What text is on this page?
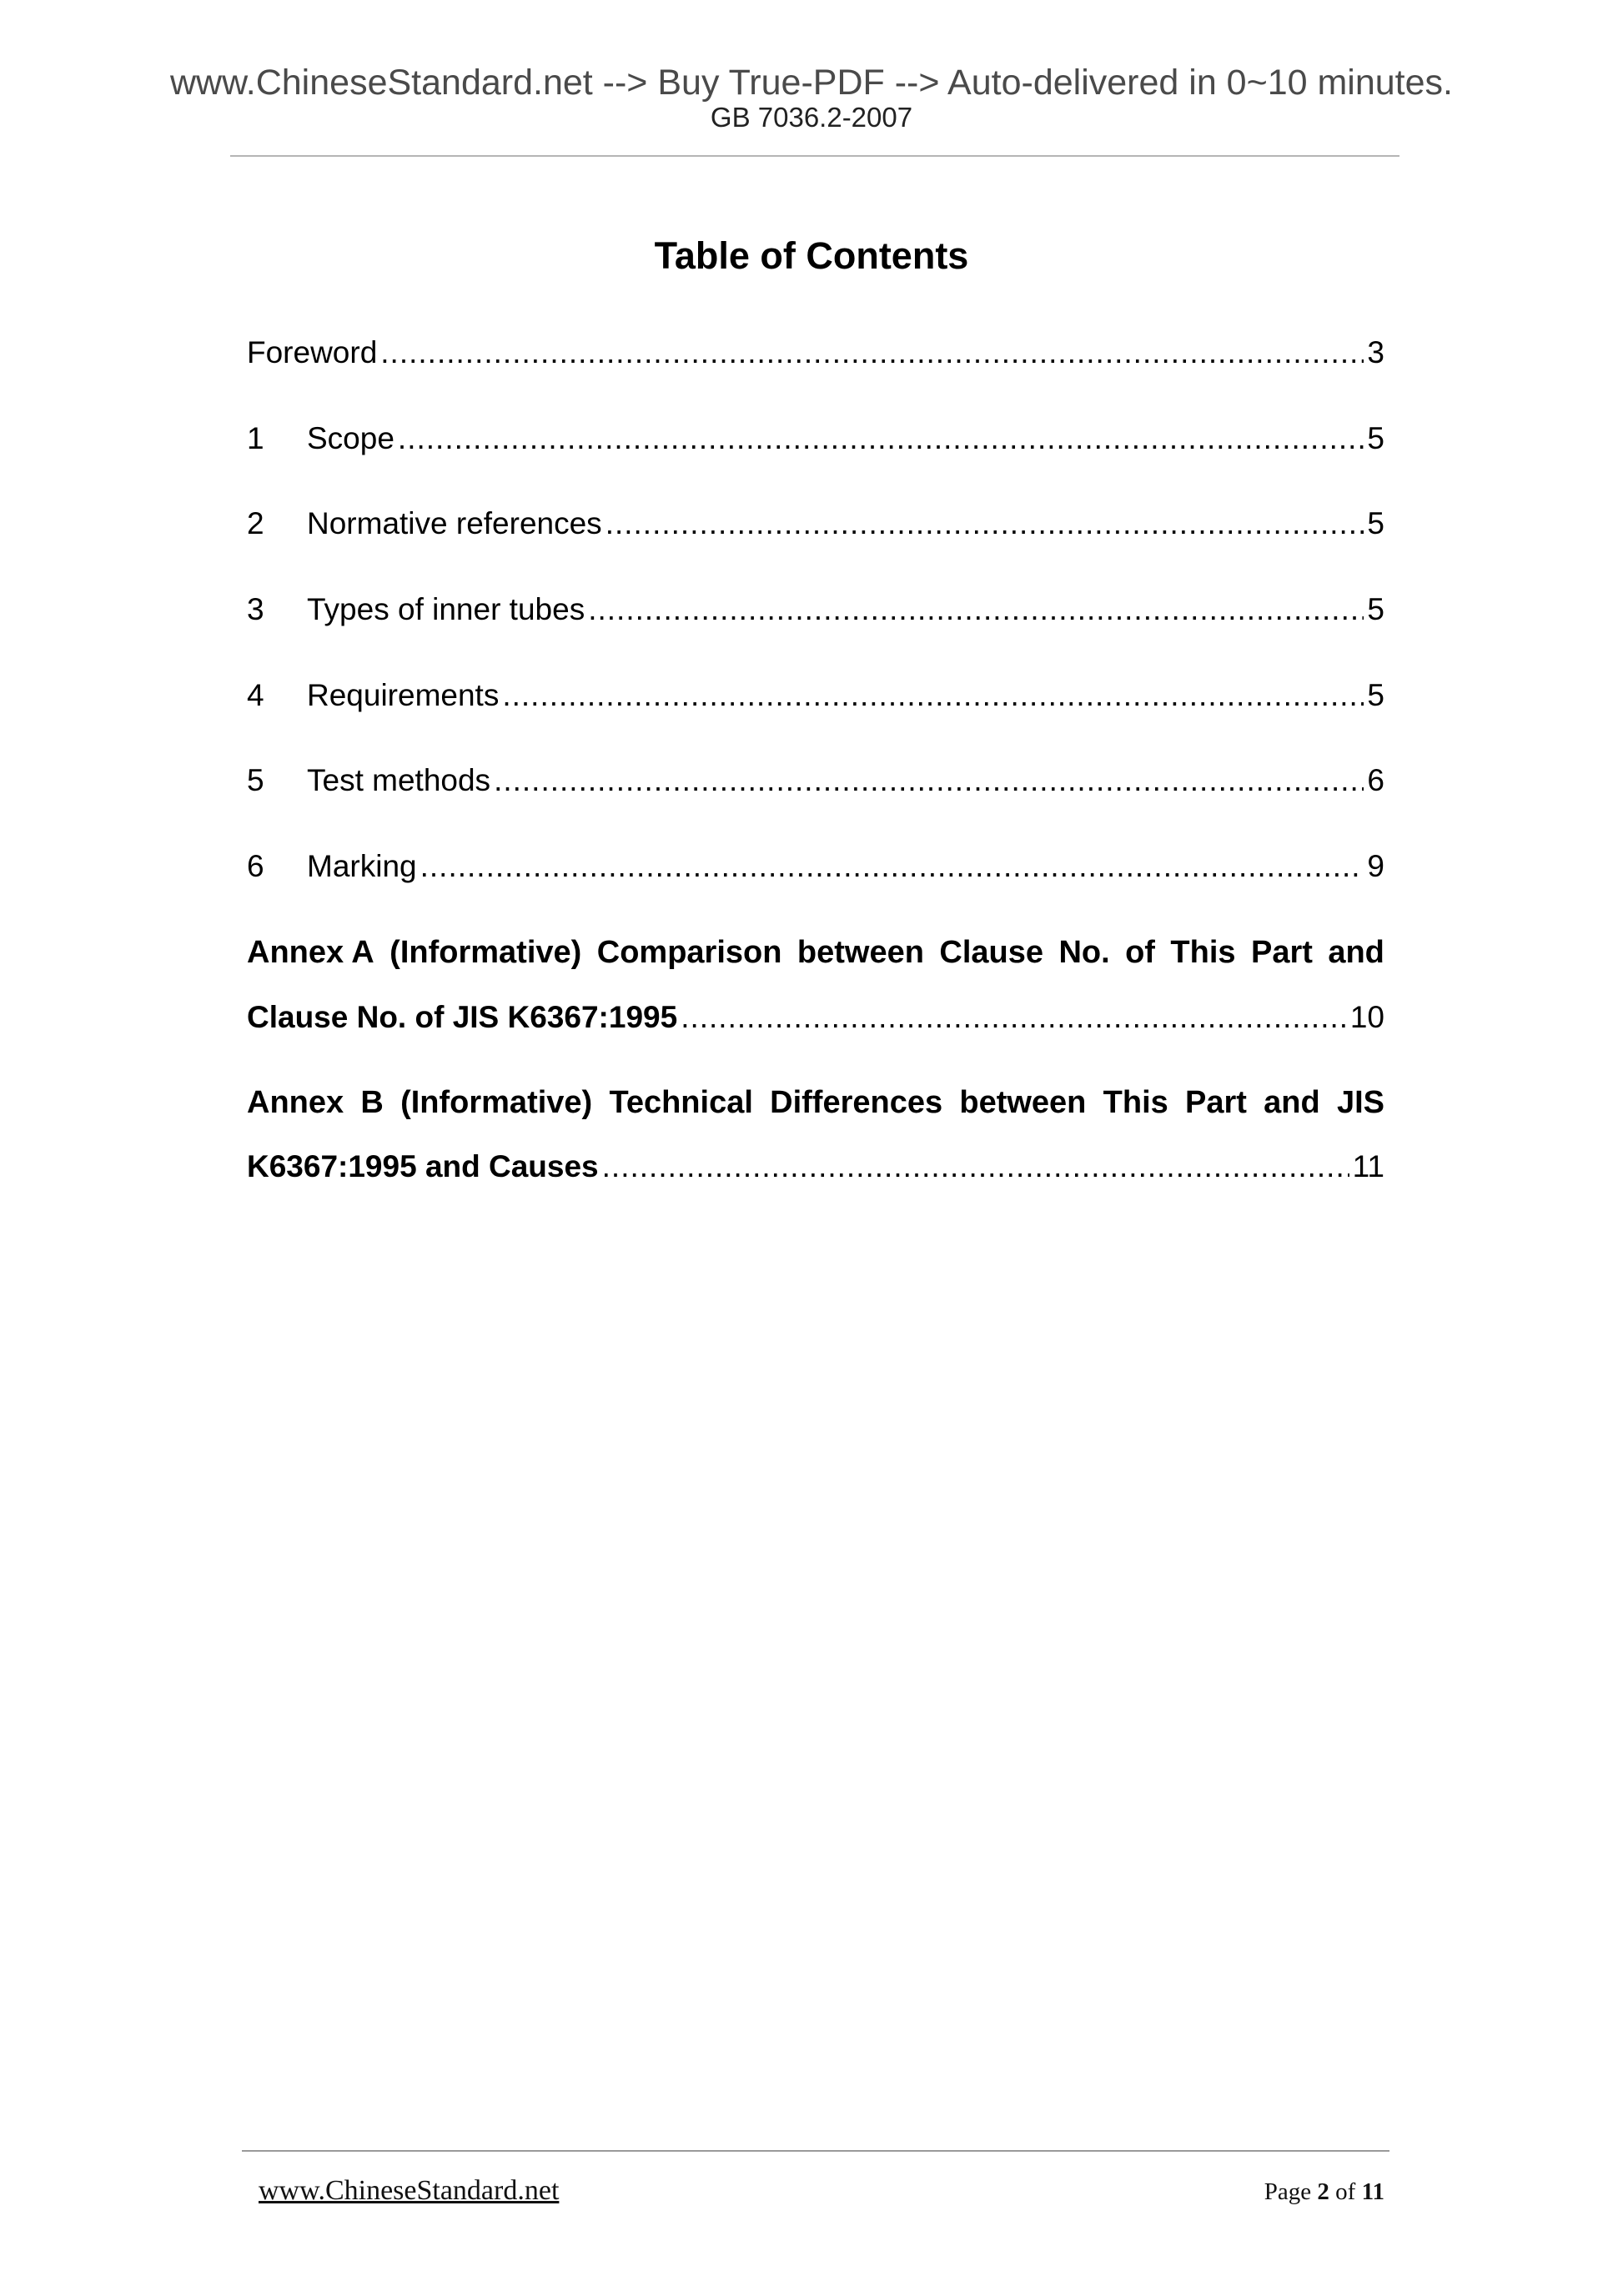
www.ChineseStandard.net --> Buy True-PDF --> Auto-delivered in 0~10 minutes.
GB 7036.2-2007
Table of Contents
Foreword .....	3
1	Scope .....	5
2	Normative references .....	5
3	Types of inner tubes .....	5
4	Requirements .....	5
5	Test methods .....	6
6	Marking .....	9
Annex A (Informative) Comparison between Clause No. of This Part and
Clause No. of JIS K6367:1995 .....	10
Annex B (Informative) Technical Differences between This Part and JIS
K6367:1995 and Causes .....	11
www.ChineseStandard.net	Page 2 of 11
